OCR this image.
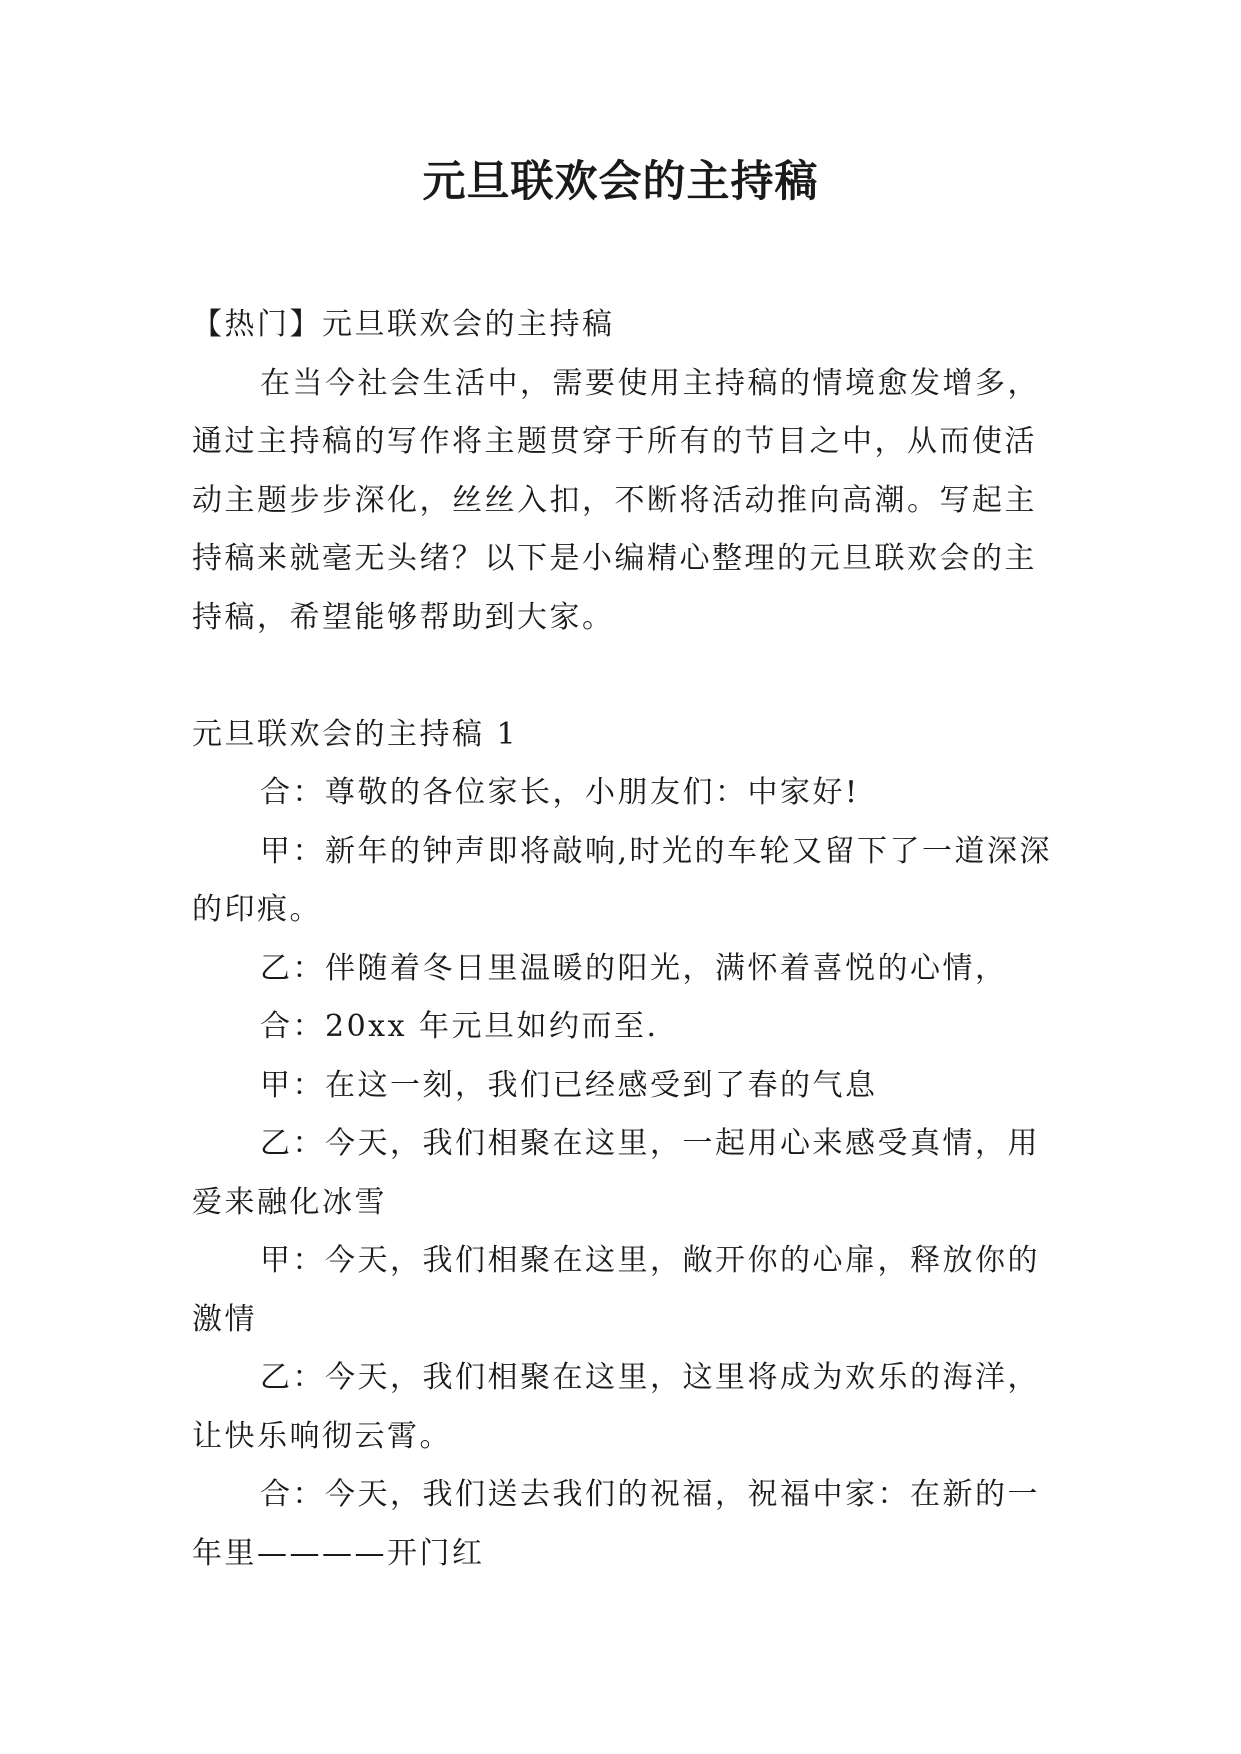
元旦联欢会的主持稿

【热门】元旦联欢会的主持稿

在当今社会生活中，需要使用主持稿的情境愈发增多，通过主持稿的写作将主题贯穿于所有的节目之中，从而使活动主题步步深化，丝丝入扣，不断将活动推向高潮。写起主持稿来就毫无头绪？以下是小编精心整理的元旦联欢会的主持稿，希望能够帮助到大家。

元旦联欢会的主持稿 1

合：尊敬的各位家长，小朋友们：中家好!

甲：新年的钟声即将敲响,时光的车轮又留下了一道深深的印痕。

乙：伴随着冬日里温暖的阳光，满怀着喜悦的心情，

合：20xx 年元旦如约而至.

甲：在这一刻，我们已经感受到了春的气息

乙：今天，我们相聚在这里，一起用心来感受真情，用爱来融化冰雪

甲：今天，我们相聚在这里，敞开你的心扉，释放你的激情

乙：今天，我们相聚在这里，这里将成为欢乐的海洋，让快乐响彻云霄。

合：今天，我们送去我们的祝福，祝福中家：在新的一年里————开门红
